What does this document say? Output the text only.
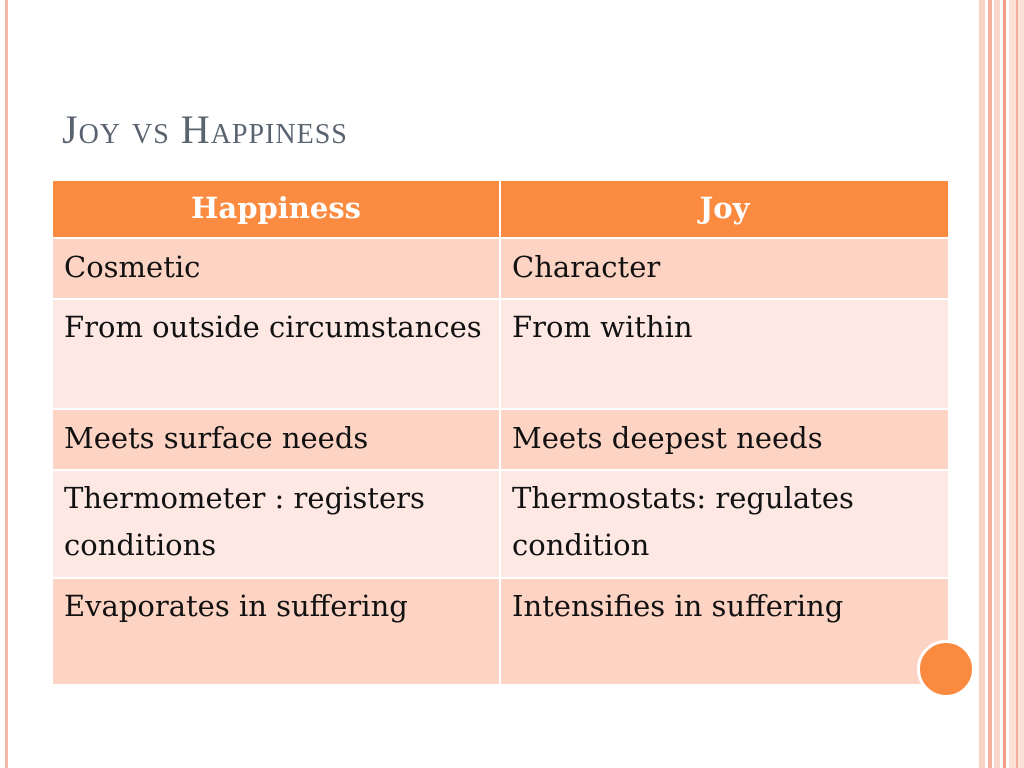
Joy vs Happiness
Happiness	Joy
Cosmetic	Character
From outside circumstances	From within
Meets surface needs	Meets deepest needs
Thermometer : registers conditions	Thermostats: regulates condition
Evaporates in suffering	Intensifies in suffering
